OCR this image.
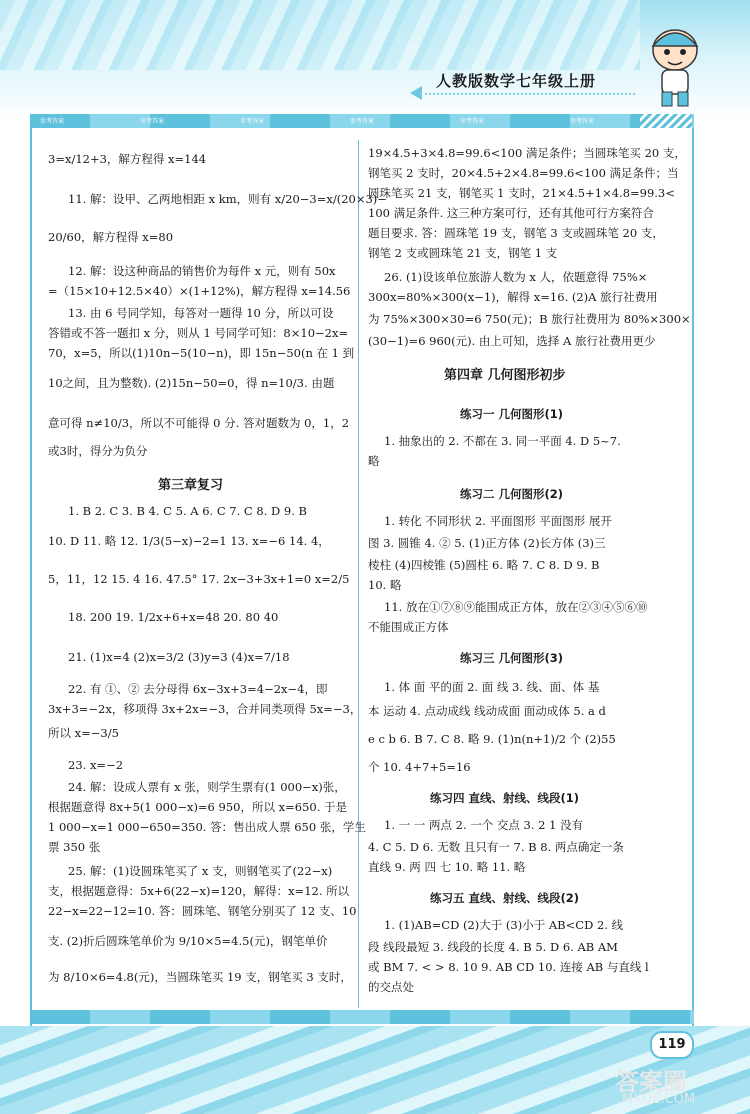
人教版数学七年级上册
参考答案	参考答案	参考答案	参考答案	参考答案	参考答案
3=x/12+3，解方程得 x=144
11. 解：设甲、乙两地相距 x km，则有 x/20−3=x/(20×3)−
20/60，解方程得 x=80
12. 解：设这种商品的销售价为每件 x 元，则有 50x
=（15×10+12.5×40）×(1+12%)，解方程得 x=14.56
13. 由 6 号同学知，每答对一题得 10 分，所以可设
答错或不答一题扣 x 分，则从 1 号同学可知：8×10−2x=
70，x=5，所以(1)10n−5(10−n)，即 15n−50(n 在 1 到
10之间，且为整数). (2)15n−50=0，得 n=10/3. 由题
意可得 n≠10/3，所以不可能得 0 分. 答对题数为 0，1，2
或3时，得分为负分
第三章复习
1. B 2. C 3. B 4. C 5. A 6. C 7. C 8. D 9. B
10. D 11. 略 12. 1/3(5−x)−2=1 13. x=−6 14. 4，
5，11，12 15. 4 16. 47.5° 17. 2x−3+3x+1=0 x=2/5
18. 200 19. 1/2x+6+x=48 20. 80 40
21. (1)x=4 (2)x=3/2 (3)y=3 (4)x=7/18
22. 有 ①、② 去分母得 6x−3x+3=4−2x−4，即
3x+3=−2x，移项得 3x+2x=−3，合并同类项得 5x=−3，
所以 x=−3/5
23. x=−2
24. 解：设成人票有 x 张，则学生票有(1 000−x)张，
根据题意得 8x+5(1 000−x)=6 950，所以 x=650. 于是
1 000−x=1 000−650=350. 答：售出成人票 650 张，学生
票 350 张
25. 解：(1)设圆珠笔买了 x 支，则钢笔买了(22−x)
支，根据题意得：5x+6(22−x)=120，解得：x=12. 所以
22−x=22−12=10. 答：圆珠笔、钢笔分别买了 12 支、10
支. (2)折后圆珠笔单价为 9/10×5=4.5(元)，钢笔单价
为 8/10×6=4.8(元)，当圆珠笔买 19 支，钢笔买 3 支时，
19×4.5+3×4.8=99.6<100 满足条件；当圆珠笔买 20 支，
钢笔买 2 支时，20×4.5+2×4.8=99.6<100 满足条件；当
圆珠笔买 21 支，钢笔买 1 支时，21×4.5+1×4.8=99.3<
100 满足条件. 这三种方案可行，还有其他可行方案符合
题目要求. 答：圆珠笔 19 支，钢笔 3 支或圆珠笔 20 支，
钢笔 2 支或圆珠笔 21 支，钢笔 1 支
26. (1)设该单位旅游人数为 x 人，依题意得 75%×
300x=80%×300(x−1)，解得 x=16. (2)A 旅行社费用
为 75%×300×30=6 750(元)；B 旅行社费用为 80%×300×
(30−1)=6 960(元). 由上可知，选择 A 旅行社费用更少
第四章 几何图形初步
练习一 几何图形(1)
1. 抽象出的 2. 不都在 3. 同一平面 4. D 5~7.
略
练习二 几何图形(2)
1. 转化 不同形状 2. 平面图形 平面图形 展开
图 3. 圆锥 4. ② 5. (1)正方体 (2)长方体 (3)三
棱柱 (4)四棱锥 (5)圆柱 6. 略 7. C 8. D 9. B
10. 略
11. 放在①⑦⑧⑨能围成正方体，放在②③④⑤⑥⑩
不能围成正方体
练习三 几何图形(3)
1. 体 面 平的面 2. 面 线 3. 线、面、体 基
本 运动 4. 点动成线 线动成面 面动成体 5. a d
e c b 6. B 7. C 8. 略 9. (1)n(n+1)/2 个 (2)55
个 10. 4+7+5=16
练习四 直线、射线、线段(1)
1. 一 一 两点 2. 一个 交点 3. 2 1 没有
4. C 5. D 6. 无数 且只有一 7. B 8. 两点确定一条
直线 9. 两 四 七 10. 略 11. 略
练习五 直线、射线、线段(2)
1. (1)AB=CD (2)大于 (3)小于 AB<CD 2. 线
段 线段最短 3. 线段的长度 4. B 5. D 6. AB AM
或 BM 7. < > 8. 10 9. AB CD 10. 连接 AB 与直线 l
的交点处
119
答案圈
MXQE.COM
